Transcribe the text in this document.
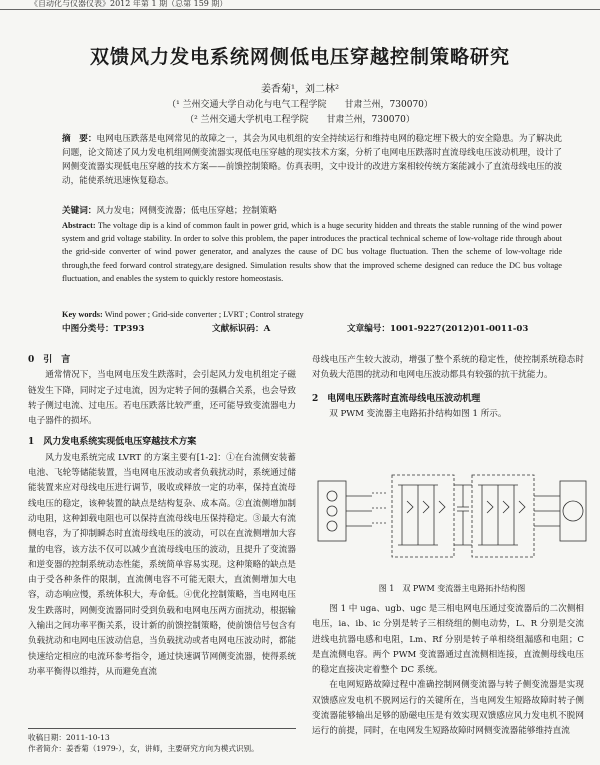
《自动化与仪器仪表》2012 年第 1 期（总第 159 期）
双馈风力发电系统网侧低电压穿越控制策略研究
姜香菊¹，刘二林²
（¹ 兰州交通大学自动化与电气工程学院　　甘肃兰州，730070）
（² 兰州交通大学机电工程学院　　甘肃兰州，730070）
摘　要：电网电压跌落是电网常见的故障之一，其会为风电机组的安全持续运行和维持电网的稳定埋下极大的安全隐患。为了解决此问题，论文简述了风力发电机组网侧变流器实现低电压穿越的现实技术方案，分析了电网电压跌落时直流母线电压波动机理，设计了网侧变流器实现低电压穿越的技术方案——前馈控制策略。仿真表明，文中设计的改进方案相较传统方案能减小了直流母线电压的波动，能使系统迅速恢复稳态。
关键词：风力发电；网侧变流器；低电压穿越；控制策略
Abstract: The voltage dip is a kind of common fault in power grid, which is a huge security hidden and threats the stable running of the wind power system and grid voltage stability. In order to solve this problem, the paper introduces the practical technical scheme of low-voltage ride through about the grid-side converter of wind power generator, and analyzes the cause of DC bus voltage fluctuation. Then the scheme of low-voltage ride through,the feed forward control strategy,are designed. Simulation results show that the improved scheme designed can reduce the DC bus voltage fluctuation, and enables the system to quickly restore homeostasis.
Key words: Wind power ; Grid-side converter ; LVRT ; Control strategy
中图分类号：TP393	文献标识码：A	文章编号：1001-9227(2012)01-0011-03
0　引　言
通常情况下，当电网电压发生跌落时，会引起风力发电机组定子磁链发生下降，同时定子过电流，因为定转子间的强耦合关系，也会导致转子侧过电流、过电压。若电压跌落比较严重，还可能导致变流器电力电子器件的损坏。
1　风力发电系统实现低电压穿越技术方案
风力发电系统完成 LVRT 的方案主要有[1-2]：①在台流侧安装蓄电池、飞轮等储能装置，当电网电压波动或者负载扰动时，系统通过储能装置来应对母线电压进行调节，吸收或释放一定的功率，保持直流母线电压的稳定，该种装置的缺点是结构复杂、成本高。②直流侧增加制动电阻，这种卸载电阻也可以保持直流母线电压保持稳定。③最大有流侧电容，为了抑制瞬态时直流母线电压的波动，可以在直流侧增加大容量的电容，该方法不仅可以减少直流母线电压的波动，且提升了变流器和逆变器的控制系统动态性能，系统简单容易实现。这种策略的缺点是由于受各种条件的限制，直流侧电容不可能无限大，直流侧增加大电容，动态响应慢，系统体积大，寿命低。④优化控制策略，当电网电压发生跌落时，网侧变流器同时受到负载和电网电压两方面扰动，根据输入输出之间功率平衡关系，设计新的前馈控制策略，使前馈信号包含有负载扰动和电网电压波动信息，当负载扰动或者电网电压波动时，都能快速给定相应的电流环参考指令，通过快速调节网侧变流器，使得系统功率平衡得以维持，从而避免直流
母线电压产生较大波动，增强了整个系统的稳定性，使控制系统稳态时对负载大范围的扰动和电网电压波动都具有较强的抗干扰能力。
2　电网电压跌落时直流母线电压波动机理
双 PWM 变流器主电路拓扑结构如图 1 所示。
图 1　双 PWM 变流器主电路拓扑结构图
图 1 中 uga、ugb、ugc 是三相电网电压通过变流器后的二次侧相电压，ia、ib、ic 分别是转子三相绕组的侧电动势，L、R 分别是交流进线电抗器电感和电阻，Lm、Rf 分别是转子单相绕组漏感和电阻；C 是直流侧电容。两个 PWM 变流器通过直流侧相连接，直流侧母线电压的稳定直接决定着整个 DC 系统。
在电网短路故障过程中准确控制网侧变流器与转子侧变流器是实现双馈感应发电机不脱网运行的关键所在，当电网发生短路故障时转子侧变流器能够输出足够的励磁电压是有效实现双馈感应风力发电机不脱网运行的前提，同时，在电网发生短路故障时网侧变流器能够维持直流
收稿日期：2011-10-13
作者简介：姜香菊（1979-），女，讲师，主要研究方向为模式识别。
